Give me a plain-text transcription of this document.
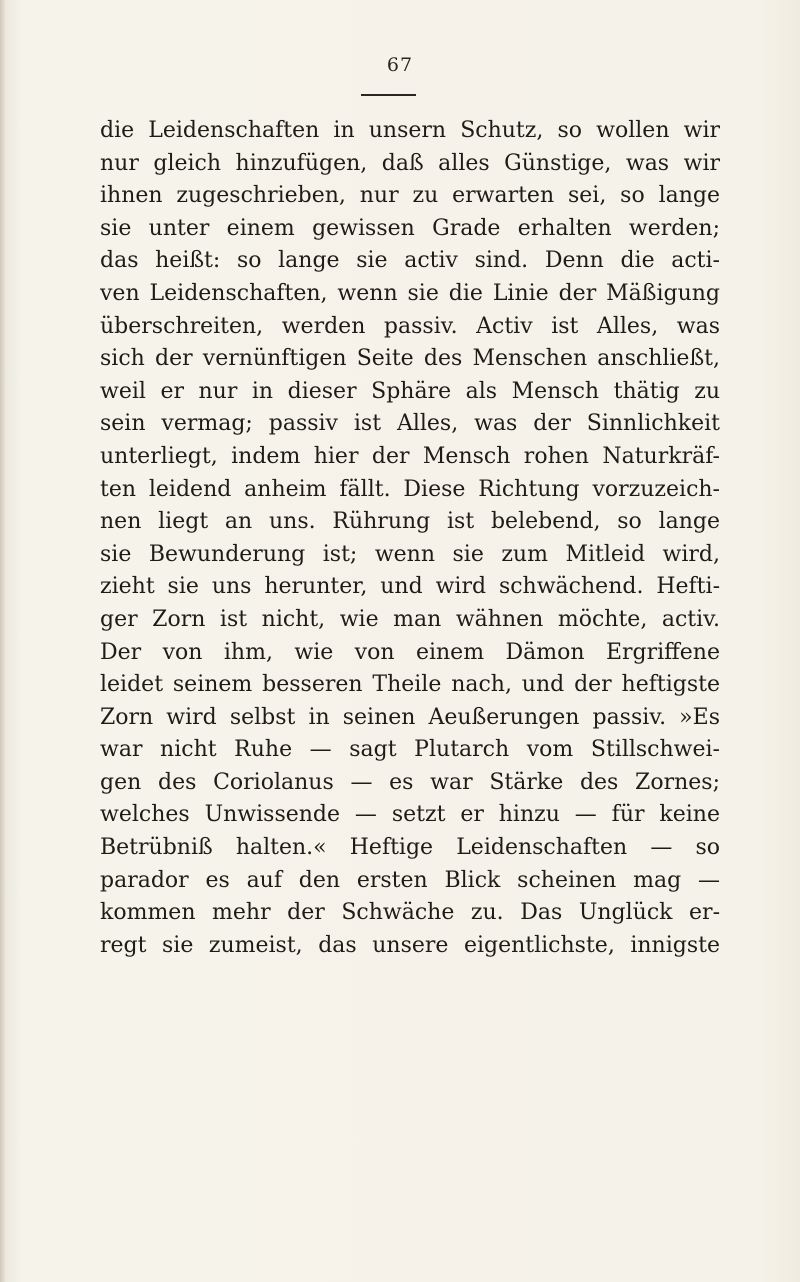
67
die Leidenschaften in unsern Schutz, so wollen wir
nur gleich hinzufügen, daß alles Günstige, was wir
ihnen zugeschrieben, nur zu erwarten sei, so lange
sie unter einem gewissen Grade erhalten werden;
das heißt: so lange sie activ sind. Denn die acti-
ven Leidenschaften, wenn sie die Linie der Mäßigung
überschreiten, werden passiv. Activ ist Alles, was
sich der vernünftigen Seite des Menschen anschließt,
weil er nur in dieser Sphäre als Mensch thätig zu
sein vermag; passiv ist Alles, was der Sinnlichkeit
unterliegt, indem hier der Mensch rohen Naturkräf-
ten leidend anheim fällt. Diese Richtung vorzuzeich-
nen liegt an uns. Rührung ist belebend, so lange
sie Bewunderung ist; wenn sie zum Mitleid wird,
zieht sie uns herunter, und wird schwächend. Hefti-
ger Zorn ist nicht, wie man wähnen möchte, activ.
Der von ihm, wie von einem Dämon Ergriffene
leidet seinem besseren Theile nach, und der heftigste
Zorn wird selbst in seinen Aeußerungen passiv. »Es
war nicht Ruhe — sagt Plutarch vom Stillschwei-
gen des Coriolanus — es war Stärke des Zornes;
welches Unwissende — setzt er hinzu — für keine
Betrübniß halten.« Heftige Leidenschaften — so
parador es auf den ersten Blick scheinen mag —
kommen mehr der Schwäche zu. Das Unglück er-
regt sie zumeist, das unsere eigentlichste, innigste
